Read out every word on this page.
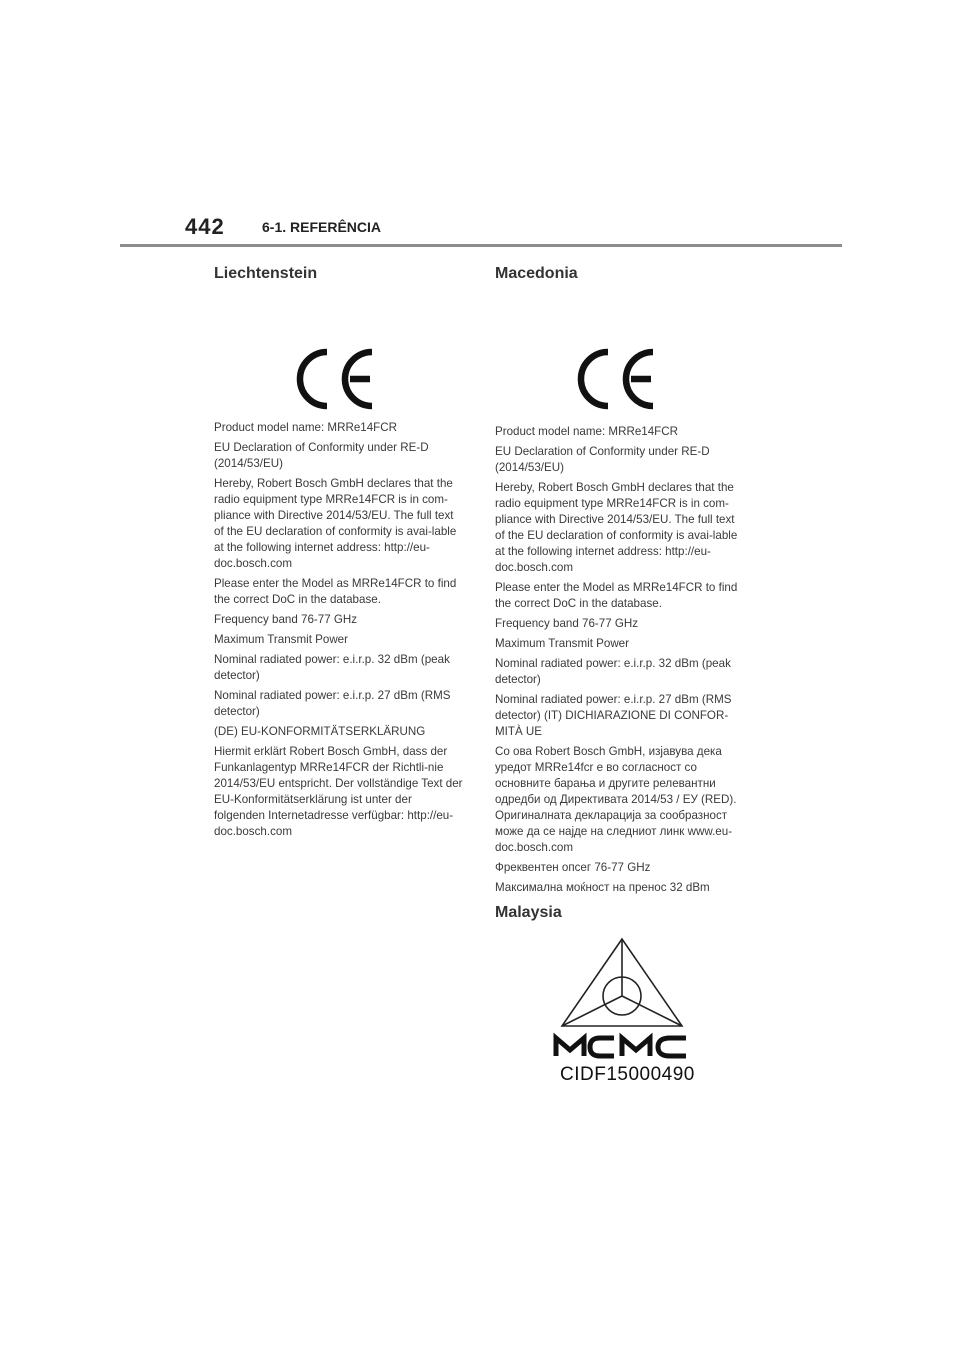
442	6-1. REFERÊNCIA
Liechtenstein

Product model name: MRRe14FCR

EU Declaration of Conformity under RE-D (2014/53/EU)

Hereby, Robert Bosch GmbH declares that the radio equipment type MRRe14FCR is in com-pliance with Directive 2014/53/EU. The full text of the EU declaration of conformity is avai-lable at the following internet address: http://eu-doc.bosch.com

Please enter the Model as MRRe14FCR to find the correct DoC in the database.

Frequency band 76-77 GHz

Maximum Transmit Power

Nominal radiated power: e.i.r.p. 32 dBm (peak detector)

Nominal radiated power: e.i.r.p. 27 dBm (RMS detector)

(DE) EU-KONFORMITÄTSERKLÄRUNG

Hiermit erklärt Robert Bosch GmbH, dass der Funkanlagentyp MRRe14FCR der Richtli-nie 2014/53/EU entspricht. Der vollständige Text der EU-Konformitätserklärung ist unter der folgenden Internetadresse verfügbar: http://eu-doc.bosch.com

Macedonia

Product model name: MRRe14FCR

EU Declaration of Conformity under RE-D (2014/53/EU)

Hereby, Robert Bosch GmbH declares that the radio equipment type MRRe14FCR is in com-pliance with Directive 2014/53/EU. The full text of the EU declaration of conformity is avai-lable at the following internet address: http://eu-doc.bosch.com

Please enter the Model as MRRe14FCR to find the correct DoC in the database.

Frequency band 76-77 GHz

Maximum Transmit Power

Nominal radiated power: e.i.r.p. 32 dBm (peak detector)

Nominal radiated power: e.i.r.p. 27 dBm (RMS detector) (IT) DICHIARAZIONE DI CONFOR-MITÀ UE

Со ова Robert Bosch GmbH, изјавува дека уредот MRRe14fcr е во согласност со основните барања и другите релевантни одредби од Директивата 2014/53 / ЕУ (RED). Оригиналната декларација за сообразност може да се најде на следниот линк www.eu-doc.bosch.com

Фреквентен опсег 76-77 GHz

Максимална моќност на пренос 32 dBm

Malaysia
CIDF15000490
